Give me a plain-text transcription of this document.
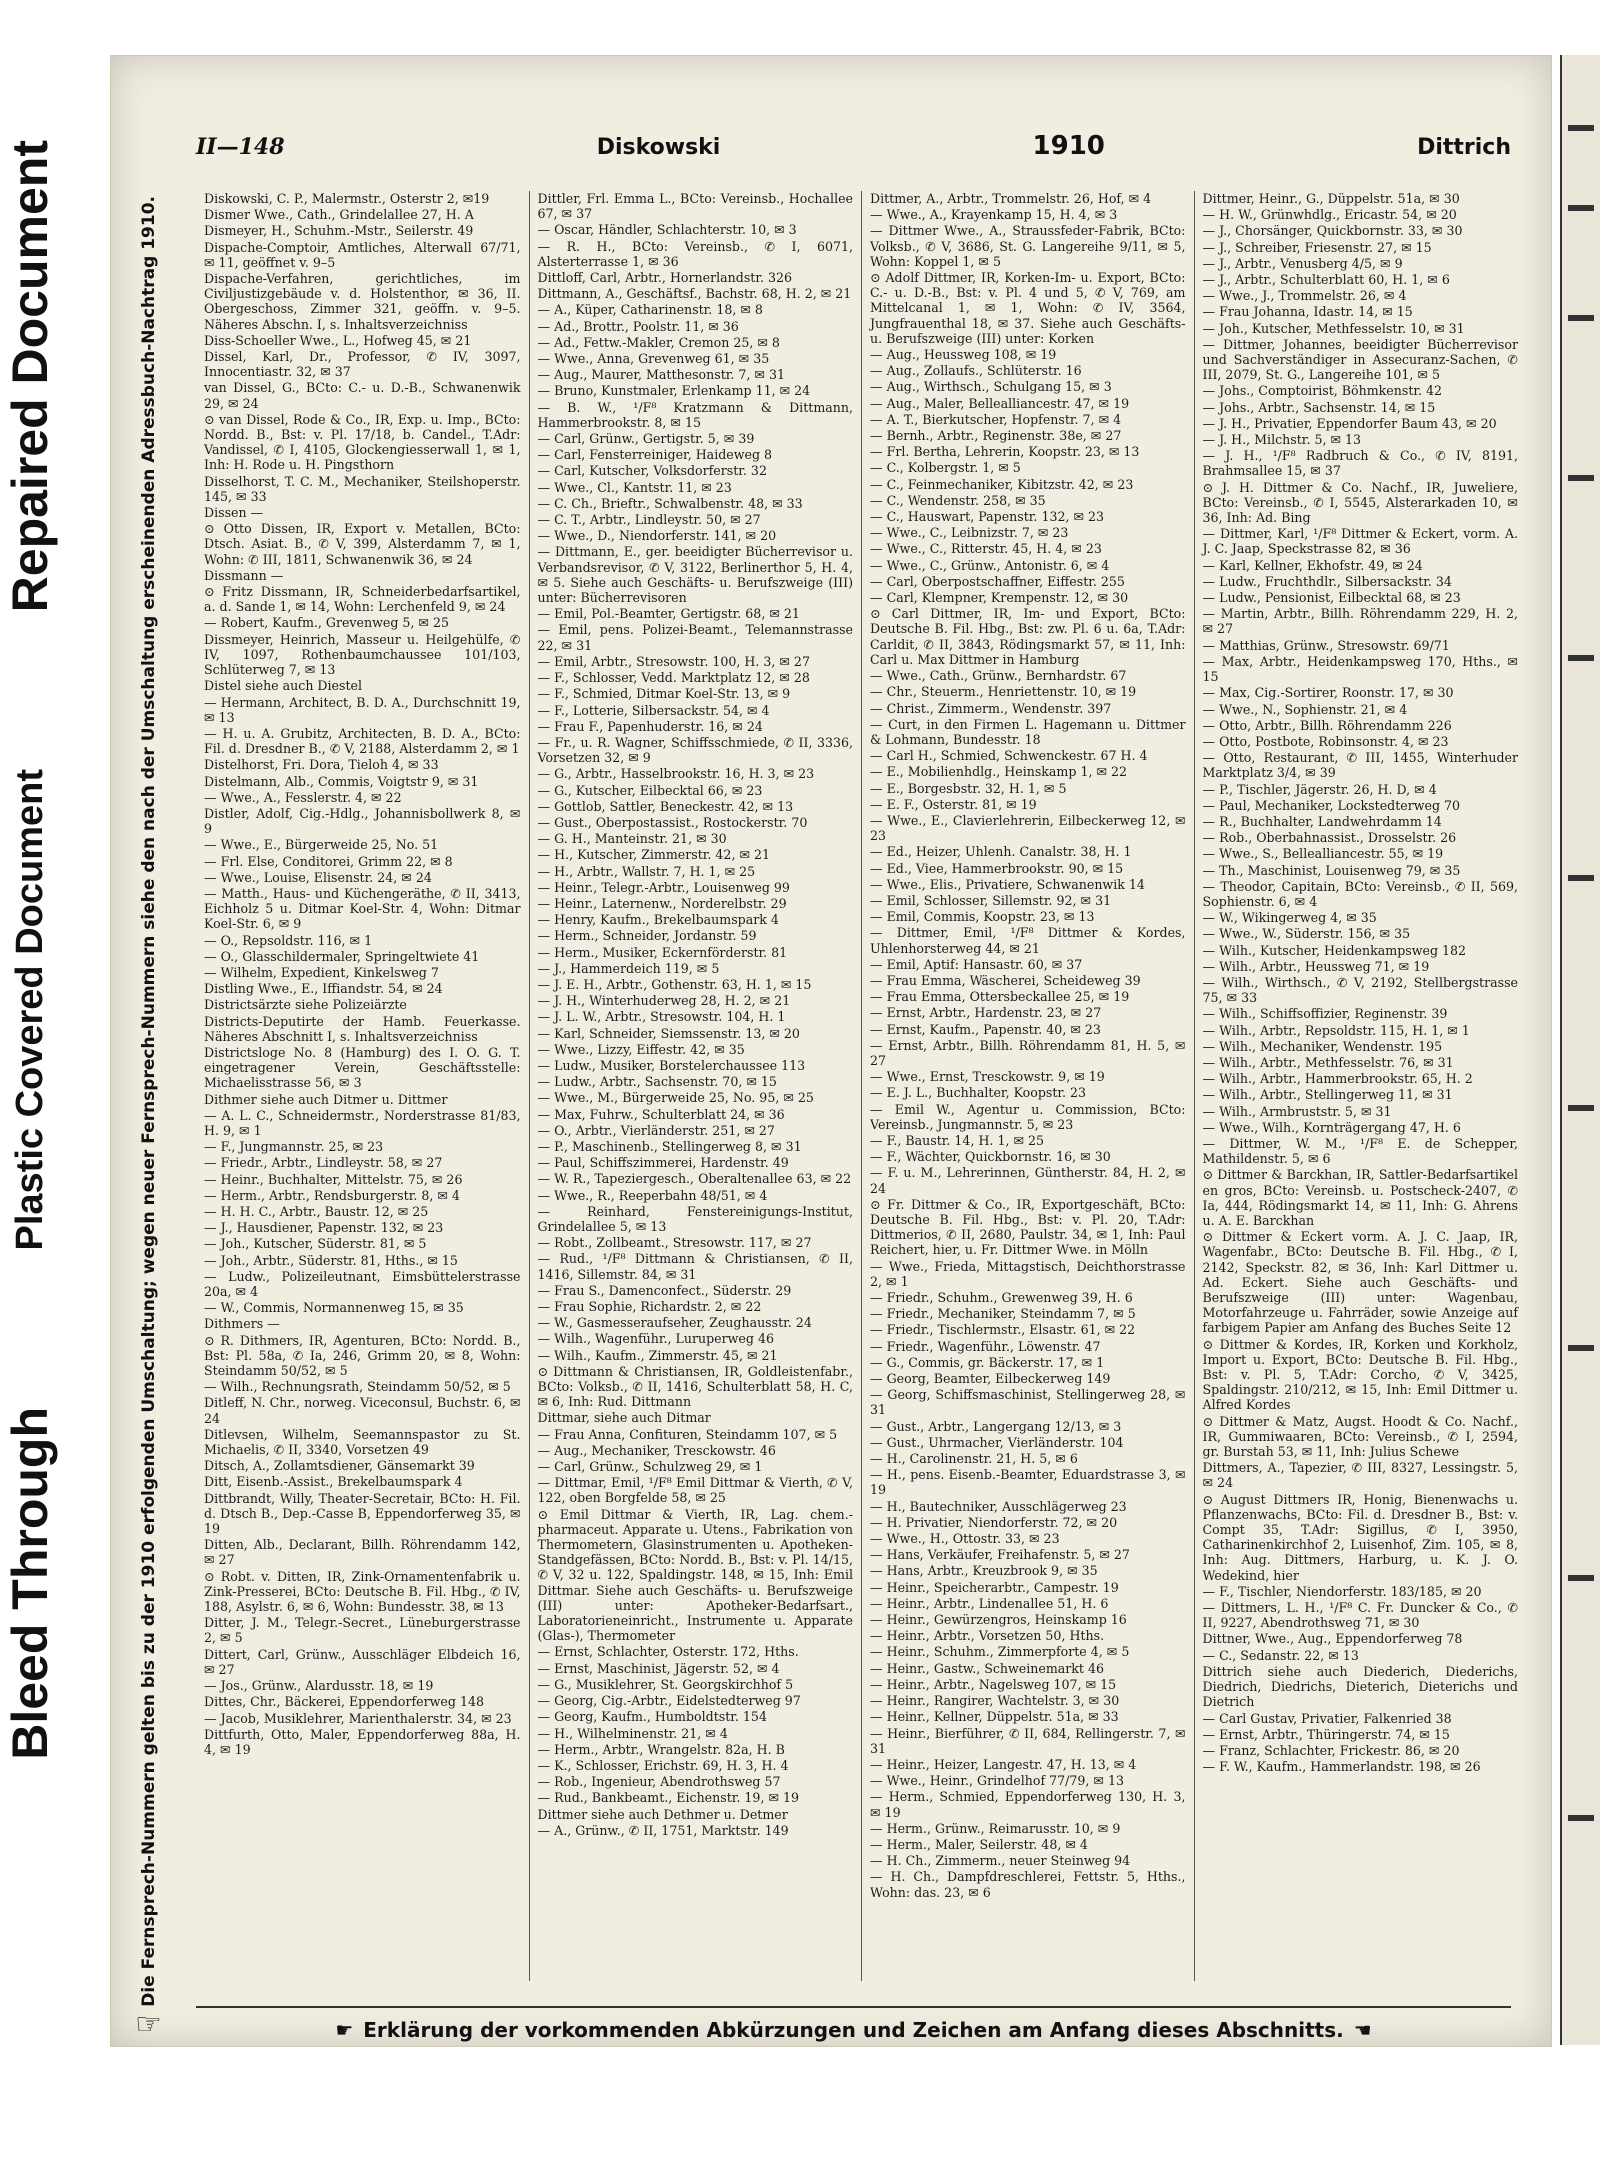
Repaired Document
Plastic Covered Document
Bleed Through
II—148	Diskowski	1910	Dittrich
Die Fernsprech-Nummern gelten bis zu der 1910 erfolgenden Umschaltung; wegen neuer Fernsprech-Nummern siehe den nach der Umschaltung erscheinenden Adressbuch-Nachtrag 1910.
☞
Diskowski, C. P., Malermstr., Osterstr 2, ✉19
Dismer Wwe., Cath., Grindelallee 27, H. A
Dismeyer, H., Schuhm.-Mstr., Seilerstr. 49
Dispache-Comptoir, Amtliches, Alterwall 67/71, ✉ 11, geöffnet v. 9–5
Dispache-Verfahren, gerichtliches, im Civiljustizgebäude v. d. Holstenthor, ✉ 36, II. Obergeschoss, Zimmer 321, geöffn. v. 9–5. Näheres Abschn. I, s. Inhaltsverzeichniss
Diss-Schoeller Wwe., L., Hofweg 45, ✉ 21
Dissel, Karl, Dr., Professor, ✆ IV, 3097, Innocentiastr. 32, ✉ 37
van Dissel, G., BCto: C.- u. D.-B., Schwanenwik 29, ✉ 24
⊙ van Dissel, Rode & Co., IR, Exp. u. Imp., BCto: Nordd. B., Bst: v. Pl. 17/18, b. Candel., T.Adr: Vandissel, ✆ I, 4105, Glockengiesserwall 1, ✉ 1, Inh: H. Rode u. H. Pingsthorn
Disselhorst, T. C. M., Mechaniker, Steilshoperstr. 145, ✉ 33
Dissen —
⊙ Otto Dissen, IR, Export v. Metallen, BCto: Dtsch. Asiat. B., ✆ V, 399, Alsterdamm 7, ✉ 1, Wohn: ✆ III, 1811, Schwanenwik 36, ✉ 24
Dissmann —
⊙ Fritz Dissmann, IR, Schneiderbedarfsartikel, a. d. Sande 1, ✉ 14, Wohn: Lerchenfeld 9, ✉ 24
— Robert, Kaufm., Grevenweg 5, ✉ 25
Dissmeyer, Heinrich, Masseur u. Heilgehülfe, ✆ IV, 1097, Rothenbaumchaussee 101/103, Schlüterweg 7, ✉ 13
Distel siehe auch Diestel
— Hermann, Architect, B. D. A., Durchschnitt 19, ✉ 13
— H. u. A. Grubitz, Architecten, B. D. A., BCto: Fil. d. Dresdner B., ✆ V, 2188, Alsterdamm 2, ✉ 1
Distelhorst, Fri. Dora, Tieloh 4, ✉ 33
Distelmann, Alb., Commis, Voigtstr 9, ✉ 31
— Wwe., A., Fesslerstr. 4, ✉ 22
Distler, Adolf, Cig.-Hdlg., Johannisbollwerk 8, ✉ 9
— Wwe., E., Bürgerweide 25, No. 51
— Frl. Else, Conditorei, Grimm 22, ✉ 8
— Wwe., Louise, Elisenstr. 24, ✉ 24
— Matth., Haus- und Küchengeräthe, ✆ II, 3413, Eichholz 5 u. Ditmar Koel-Str. 4, Wohn: Ditmar Koel-Str. 6, ✉ 9
— O., Repsoldstr. 116, ✉ 1
— O., Glasschildermaler, Springeltwiete 41
— Wilhelm, Expedient, Kinkelsweg 7
Distling Wwe., E., Iffiandstr. 54, ✉ 24
Districtsärzte siehe Polizeiärzte
Districts-Deputirte der Hamb. Feuerkasse. Näheres Abschnitt I, s. Inhaltsverzeichniss
Districtsloge No. 8 (Hamburg) des I. O. G. T. eingetragener Verein, Geschäftsstelle: Michaelisstrasse 56, ✉ 3
Dithmer siehe auch Ditmer u. Dittmer
— A. L. C., Schneidermstr., Norderstrasse 81/83, H. 9, ✉ 1
— F., Jungmannstr. 25, ✉ 23
— Friedr., Arbtr., Lindleystr. 58, ✉ 27
— Heinr., Buchhalter, Mittelstr. 75, ✉ 26
— Herm., Arbtr., Rendsburgerstr. 8, ✉ 4
— H. H. C., Arbtr., Baustr. 12, ✉ 25
— J., Hausdiener, Papenstr. 132, ✉ 23
— Joh., Kutscher, Süderstr. 81, ✉ 5
— Joh., Arbtr., Süderstr. 81, Hths., ✉ 15
— Ludw., Polizeileutnant, Eimsbüttelerstrasse 20a, ✉ 4
— W., Commis, Normannenweg 15, ✉ 35
Dithmers —
⊙ R. Dithmers, IR, Agenturen, BCto: Nordd. B., Bst: Pl. 58a, ✆ Ia, 246, Grimm 20, ✉ 8, Wohn: Steindamm 50/52, ✉ 5
— Wilh., Rechnungsrath, Steindamm 50/52, ✉ 5
Ditleff, N. Chr., norweg. Viceconsul, Buchstr. 6, ✉ 24
Ditlevsen, Wilhelm, Seemannspastor zu St. Michaelis, ✆ II, 3340, Vorsetzen 49
Ditsch, A., Zollamtsdiener, Gänsemarkt 39
Ditt, Eisenb.-Assist., Brekelbaumspark 4
Dittbrandt, Willy, Theater-Secretair, BCto: H. Fil. d. Dtsch B., Dep.-Casse B, Eppendorferweg 35, ✉ 19
Ditten, Alb., Declarant, Billh. Röhrendamm 142, ✉ 27
⊙ Robt. v. Ditten, IR, Zink-Ornamentenfabrik u. Zink-Presserei, BCto: Deutsche B. Fil. Hbg., ✆ IV, 188, Asylstr. 6, ✉ 6, Wohn: Bundesstr. 38, ✉ 13
Ditter, J. M., Telegr.-Secret., Lüneburgerstrasse 2, ✉ 5
Dittert, Carl, Grünw., Ausschläger Elbdeich 16, ✉ 27
— Jos., Grünw., Alardusstr. 18, ✉ 19
Dittes, Chr., Bäckerei, Eppendorferweg 148
— Jacob, Musiklehrer, Marienthalerstr. 34, ✉ 23
Dittfurth, Otto, Maler, Eppendorferweg 88a, H. 4, ✉ 19
Dittler, Frl. Emma L., BCto: Vereinsb., Hochallee 67, ✉ 37
— Oscar, Händler, Schlachterstr. 10, ✉ 3
— R. H., BCto: Vereinsb., ✆ I, 6071, Alsterterrasse 1, ✉ 36
Dittloff, Carl, Arbtr., Hornerlandstr. 326
Dittmann, A., Geschäftsf., Bachstr. 68, H. 2, ✉ 21
— A., Küper, Catharinenstr. 18, ✉ 8
— Ad., Brottr., Poolstr. 11, ✉ 36
— Ad., Fettw.-Makler, Cremon 25, ✉ 8
— Wwe., Anna, Grevenweg 61, ✉ 35
— Aug., Maurer, Matthesonstr. 7, ✉ 31
— Bruno, Kunstmaler, Erlenkamp 11, ✉ 24
— B. W., ¹/F⁸ Kratzmann & Dittmann, Hammerbrookstr. 8, ✉ 15
— Carl, Grünw., Gertigstr. 5, ✉ 39
— Carl, Fensterreiniger, Haideweg 8
— Carl, Kutscher, Volksdorferstr. 32
— Wwe., Cl., Kantstr. 11, ✉ 23
— C. Ch., Brieftr., Schwalbenstr. 48, ✉ 33
— C. T., Arbtr., Lindleystr. 50, ✉ 27
— Wwe., D., Niendorferstr. 141, ✉ 20
— Dittmann, E., ger. beeidigter Bücherrevisor u. Verbandsrevisor, ✆ V, 3122, Berlinerthor 5, H. 4, ✉ 5. Siehe auch Geschäfts- u. Berufszweige (III) unter: Bücherrevisoren
— Emil, Pol.-Beamter, Gertigstr. 68, ✉ 21
— Emil, pens. Polizei-Beamt., Telemannstrasse 22, ✉ 31
— Emil, Arbtr., Stresowstr. 100, H. 3, ✉ 27
— F., Schlosser, Vedd. Marktplatz 12, ✉ 28
— F., Schmied, Ditmar Koel-Str. 13, ✉ 9
— F., Lotterie, Silbersackstr. 54, ✉ 4
— Frau F., Papenhuderstr. 16, ✉ 24
— Fr., u. R. Wagner, Schiffsschmiede, ✆ II, 3336, Vorsetzen 32, ✉ 9
— G., Arbtr., Hasselbrookstr. 16, H. 3, ✉ 23
— G., Kutscher, Eilbecktal 66, ✉ 23
— Gottlob, Sattler, Beneckestr. 42, ✉ 13
— Gust., Oberpostassist., Rostockerstr. 70
— G. H., Manteinstr. 21, ✉ 30
— H., Kutscher, Zimmerstr. 42, ✉ 21
— H., Arbtr., Wallstr. 7, H. 1, ✉ 25
— Heinr., Telegr.-Arbtr., Louisenweg 99
— Heinr., Laternenw., Norderelbstr. 29
— Henry, Kaufm., Brekelbaumspark 4
— Herm., Schneider, Jordanstr. 59
— Herm., Musiker, Eckernförderstr. 81
— J., Hammerdeich 119, ✉ 5
— J. E. H., Arbtr., Gothenstr. 63, H. 1, ✉ 15
— J. H., Winterhuderweg 28, H. 2, ✉ 21
— J. L. W., Arbtr., Stresowstr. 104, H. 1
— Karl, Schneider, Siemssenstr. 13, ✉ 20
— Wwe., Lizzy, Eiffestr. 42, ✉ 35
— Ludw., Musiker, Borstelerchaussee 113
— Ludw., Arbtr., Sachsenstr. 70, ✉ 15
— Wwe., M., Bürgerweide 25, No. 95, ✉ 25
— Max, Fuhrw., Schulterblatt 24, ✉ 36
— O., Arbtr., Vierländerstr. 251, ✉ 27
— P., Maschinenb., Stellingerweg 8, ✉ 31
— Paul, Schiffszimmerei, Hardenstr. 49
— W. R., Tapeziergesch., Oberaltenallee 63, ✉ 22
— Wwe., R., Reeperbahn 48/51, ✉ 4
— Reinhard, Fenstereinigungs-Institut, Grindelallee 5, ✉ 13
— Robt., Zollbeamt., Stresowstr. 117, ✉ 27
— Rud., ¹/F⁸ Dittmann & Christiansen, ✆ II, 1416, Sillemstr. 84, ✉ 31
— Frau S., Damenconfect., Süderstr. 29
— Frau Sophie, Richardstr. 2, ✉ 22
— W., Gasmesseraufseher, Zeughausstr. 24
— Wilh., Wagenführ., Luruperweg 46
— Wilh., Kaufm., Zimmerstr. 45, ✉ 21
⊙ Dittmann & Christiansen, IR, Goldleistenfabr., BCto: Volksb., ✆ II, 1416, Schulterblatt 58, H. C, ✉ 6, Inh: Rud. Dittmann
Dittmar, siehe auch Ditmar
— Frau Anna, Confituren, Steindamm 107, ✉ 5
— Aug., Mechaniker, Tresckowstr. 46
— Carl, Grünw., Schulzweg 29, ✉ 1
— Dittmar, Emil, ¹/F⁸ Emil Dittmar & Vierth, ✆ V, 122, oben Borgfelde 58, ✉ 25
⊙ Emil Dittmar & Vierth, IR, Lag. chem.-pharmaceut. Apparate u. Utens., Fabrikation von Thermometern, Glasinstrumenten u. Apotheken-Standgefässen, BCto: Nordd. B., Bst: v. Pl. 14/15, ✆ V, 32 u. 122, Spaldingstr. 148, ✉ 15, Inh: Emil Dittmar. Siehe auch Geschäfts- u. Berufszweige (III) unter: Apotheker-Bedarfsart., Laboratorieneinricht., Instrumente u. Apparate (Glas-), Thermometer
— Ernst, Schlachter, Osterstr. 172, Hths.
— Ernst, Maschinist, Jägerstr. 52, ✉ 4
— G., Musiklehrer, St. Georgskirchhof 5
— Georg, Cig.-Arbtr., Eidelstedterweg 97
— Georg, Kaufm., Humboldtstr. 154
— H., Wilhelminenstr. 21, ✉ 4
— Herm., Arbtr., Wrangelstr. 82a, H. B
— K., Schlosser, Erichstr. 69, H. 3, H. 4
— Rob., Ingenieur, Abendrothsweg 57
— Rud., Bankbeamt., Eichenstr. 19, ✉ 19
Dittmer siehe auch Dethmer u. Detmer
— A., Grünw., ✆ II, 1751, Marktstr. 149
Dittmer, A., Arbtr., Trommelstr. 26, Hof, ✉ 4
— Wwe., A., Krayenkamp 15, H. 4, ✉ 3
— Dittmer Wwe., A., Straussfeder-Fabrik, BCto: Volksb., ✆ V, 3686, St. G. Langereihe 9/11, ✉ 5, Wohn: Koppel 1, ✉ 5
⊙ Adolf Dittmer, IR, Korken-Im- u. Export, BCto: C.- u. D.-B., Bst: v. Pl. 4 und 5, ✆ V, 769, am Mittelcanal 1, ✉ 1, Wohn: ✆ IV, 3564, Jungfrauenthal 18, ✉ 37. Siehe auch Geschäfts- u. Berufszweige (III) unter: Korken
— Aug., Heussweg 108, ✉ 19
— Aug., Zollaufs., Schlüterstr. 16
— Aug., Wirthsch., Schulgang 15, ✉ 3
— Aug., Maler, Bellealliancestr. 47, ✉ 19
— A. T., Bierkutscher, Hopfenstr. 7, ✉ 4
— Bernh., Arbtr., Reginenstr. 38e, ✉ 27
— Frl. Bertha, Lehrerin, Koopstr. 23, ✉ 13
— C., Kolbergstr. 1, ✉ 5
— C., Feinmechaniker, Kibitzstr. 42, ✉ 23
— C., Wendenstr. 258, ✉ 35
— C., Hauswart, Papenstr. 132, ✉ 23
— Wwe., C., Leibnizstr. 7, ✉ 23
— Wwe., C., Ritterstr. 45, H. 4, ✉ 23
— Wwe., C., Grünw., Antonistr. 6, ✉ 4
— Carl, Oberpostschaffner, Eiffestr. 255
— Carl, Klempner, Krempenstr. 12, ✉ 30
⊙ Carl Dittmer, IR, Im- und Export, BCto: Deutsche B. Fil. Hbg., Bst: zw. Pl. 6 u. 6a, T.Adr: Carldit, ✆ II, 3843, Rödingsmarkt 57, ✉ 11, Inh: Carl u. Max Dittmer in Hamburg
— Wwe., Cath., Grünw., Bernhardstr. 67
— Chr., Steuerm., Henriettenstr. 10, ✉ 19
— Christ., Zimmerm., Wendenstr. 397
— Curt, in den Firmen L. Hagemann u. Dittmer & Lohmann, Bundesstr. 18
— Carl H., Schmied, Schwenckestr. 67 H. 4
— E., Mobilienhdlg., Heinskamp 1, ✉ 22
— E., Borgesbstr. 32, H. 1, ✉ 5
— E. F., Osterstr. 81, ✉ 19
— Wwe., E., Clavierlehrerin, Eilbeckerweg 12, ✉ 23
— Ed., Heizer, Uhlenh. Canalstr. 38, H. 1
— Ed., Viee, Hammerbrookstr. 90, ✉ 15
— Wwe., Elis., Privatiere, Schwanenwik 14
— Emil, Schlosser, Sillemstr. 92, ✉ 31
— Emil, Commis, Koopstr. 23, ✉ 13
— Dittmer, Emil, ¹/F⁸ Dittmer & Kordes, Uhlenhorsterweg 44, ✉ 21
— Emil, Aptif: Hansastr. 60, ✉ 37
— Frau Emma, Wäscherei, Scheideweg 39
— Frau Emma, Ottersbeckallee 25, ✉ 19
— Ernst, Arbtr., Hardenstr. 23, ✉ 27
— Ernst, Kaufm., Papenstr. 40, ✉ 23
— Ernst, Arbtr., Billh. Röhrendamm 81, H. 5, ✉ 27
— Wwe., Ernst, Tresckowstr. 9, ✉ 19
— E. J. L., Buchhalter, Koopstr. 23
— Emil W., Agentur u. Commission, BCto: Vereinsb., Jungmannstr. 5, ✉ 23
— F., Baustr. 14, H. 1, ✉ 25
— F., Wächter, Quickbornstr. 16, ✉ 30
— F. u. M., Lehrerinnen, Güntherstr. 84, H. 2, ✉ 24
⊙ Fr. Dittmer & Co., IR, Exportgeschäft, BCto: Deutsche B. Fil. Hbg., Bst: v. Pl. 20, T.Adr: Dittmerios, ✆ II, 2680, Paulstr. 34, ✉ 1, Inh: Paul Reichert, hier, u. Fr. Dittmer Wwe. in Mölln
— Wwe., Frieda, Mittagstisch, Deichthorstrasse 2, ✉ 1
— Friedr., Schuhm., Grewenweg 39, H. 6
— Friedr., Mechaniker, Steindamm 7, ✉ 5
— Friedr., Tischlermstr., Elsastr. 61, ✉ 22
— Friedr., Wagenführ., Löwenstr. 47
— G., Commis, gr. Bäckerstr. 17, ✉ 1
— Georg, Beamter, Eilbeckerweg 149
— Georg, Schiffsmaschinist, Stellingerweg 28, ✉ 31
— Gust., Arbtr., Langergang 12/13, ✉ 3
— Gust., Uhrmacher, Vierländerstr. 104
— H., Carolinenstr. 21, H. 5, ✉ 6
— H., pens. Eisenb.-Beamter, Eduardstrasse 3, ✉ 19
— H., Bautechniker, Ausschlägerweg 23
— H. Privatier, Niendorferstr. 72, ✉ 20
— Wwe., H., Ottostr. 33, ✉ 23
— Hans, Verkäufer, Freihafenstr. 5, ✉ 27
— Hans, Arbtr., Kreuzbrook 9, ✉ 35
— Heinr., Speicherarbtr., Campestr. 19
— Heinr., Arbtr., Lindenallee 51, H. 6
— Heinr., Gewürzengros, Heinskamp 16
— Heinr., Arbtr., Vorsetzen 50, Hths.
— Heinr., Schuhm., Zimmerpforte 4, ✉ 5
— Heinr., Gastw., Schweinemarkt 46
— Heinr., Arbtr., Nagelsweg 107, ✉ 15
— Heinr., Rangirer, Wachtelstr. 3, ✉ 30
— Heinr., Kellner, Düppelstr. 51a, ✉ 33
— Heinr., Bierführer, ✆ II, 684, Rellingerstr. 7, ✉ 31
— Heinr., Heizer, Langestr. 47, H. 13, ✉ 4
— Wwe., Heinr., Grindelhof 77/79, ✉ 13
— Herm., Schmied, Eppendorferweg 130, H. 3, ✉ 19
— Herm., Grünw., Reimarusstr. 10, ✉ 9
— Herm., Maler, Seilerstr. 48, ✉ 4
— H. Ch., Zimmerm., neuer Steinweg 94
— H. Ch., Dampfdreschlerei, Fettstr. 5, Hths., Wohn: das. 23, ✉ 6
Dittmer, Heinr., G., Düppelstr. 51a, ✉ 30
— H. W., Grünwhdlg., Ericastr. 54, ✉ 20
— J., Chorsänger, Quickbornstr. 33, ✉ 30
— J., Schreiber, Friesenstr. 27, ✉ 15
— J., Arbtr., Venusberg 4/5, ✉ 9
— J., Arbtr., Schulterblatt 60, H. 1, ✉ 6
— Wwe., J., Trommelstr. 26, ✉ 4
— Frau Johanna, Idastr. 14, ✉ 15
— Joh., Kutscher, Methfesselstr. 10, ✉ 31
— Dittmer, Johannes, beeidigter Bücherrevisor und Sachverständiger in Assecuranz-Sachen, ✆ III, 2079, St. G., Langereihe 101, ✉ 5
— Johs., Comptoirist, Böhmkenstr. 42
— Johs., Arbtr., Sachsenstr. 14, ✉ 15
— J. H., Privatier, Eppendorfer Baum 43, ✉ 20
— J. H., Milchstr. 5, ✉ 13
— J. H., ¹/F⁸ Radbruch & Co., ✆ IV, 8191, Brahmsallee 15, ✉ 37
⊙ J. H. Dittmer & Co. Nachf., IR, Juweliere, BCto: Vereinsb., ✆ I, 5545, Alsterarkaden 10, ✉ 36, Inh: Ad. Bing
— Dittmer, Karl, ¹/F⁸ Dittmer & Eckert, vorm. A. J. C. Jaap, Speckstrasse 82, ✉ 36
— Karl, Kellner, Ekhofstr. 49, ✉ 24
— Ludw., Fruchthdlr., Silbersackstr. 34
— Ludw., Pensionist, Eilbecktal 68, ✉ 23
— Martin, Arbtr., Billh. Röhrendamm 229, H. 2, ✉ 27
— Matthias, Grünw., Stresowstr. 69/71
— Max, Arbtr., Heidenkampsweg 170, Hths., ✉ 15
— Max, Cig.-Sortirer, Roonstr. 17, ✉ 30
— Wwe., N., Sophienstr. 21, ✉ 4
— Otto, Arbtr., Billh. Röhrendamm 226
— Otto, Postbote, Robinsonstr. 4, ✉ 23
— Otto, Restaurant, ✆ III, 1455, Winterhuder Marktplatz 3/4, ✉ 39
— P., Tischler, Jägerstr. 26, H. D, ✉ 4
— Paul, Mechaniker, Lockstedterweg 70
— R., Buchhalter, Landwehrdamm 14
— Rob., Oberbahnassist., Drosselstr. 26
— Wwe., S., Bellealliancestr. 55, ✉ 19
— Th., Maschinist, Louisenweg 79, ✉ 35
— Theodor, Capitain, BCto: Vereinsb., ✆ II, 569, Sophienstr. 6, ✉ 4
— W., Wikingerweg 4, ✉ 35
— Wwe., W., Süderstr. 156, ✉ 35
— Wilh., Kutscher, Heidenkampsweg 182
— Wilh., Arbtr., Heussweg 71, ✉ 19
— Wilh., Wirthsch., ✆ V, 2192, Stellbergstrasse 75, ✉ 33
— Wilh., Schiffsoffizier, Reginenstr. 39
— Wilh., Arbtr., Repsoldstr. 115, H. 1, ✉ 1
— Wilh., Mechaniker, Wendenstr. 195
— Wilh., Arbtr., Methfesselstr. 76, ✉ 31
— Wilh., Arbtr., Hammerbrookstr. 65, H. 2
— Wilh., Arbtr., Stellingerweg 11, ✉ 31
— Wilh., Armbruststr. 5, ✉ 31
— Wwe., Wilh., Kornträgergang 47, H. 6
— Dittmer, W. M., ¹/F⁸ E. de Schepper, Mathildenstr. 5, ✉ 6
⊙ Dittmer & Barckhan, IR, Sattler-Bedarfsartikel en gros, BCto: Vereinsb. u. Postscheck-2407, ✆ Ia, 444, Rödingsmarkt 14, ✉ 11, Inh: G. Ahrens u. A. E. Barckhan
⊙ Dittmer & Eckert vorm. A. J. C. Jaap, IR, Wagenfabr., BCto: Deutsche B. Fil. Hbg., ✆ I, 2142, Speckstr. 82, ✉ 36, Inh: Karl Dittmer u. Ad. Eckert. Siehe auch Geschäfts- und Berufszweige (III) unter: Wagenbau, Motorfahrzeuge u. Fahrräder, sowie Anzeige auf farbigem Papier am Anfang des Buches Seite 12
⊙ Dittmer & Kordes, IR, Korken und Korkholz, Import u. Export, BCto: Deutsche B. Fil. Hbg., Bst: v. Pl. 5, T.Adr: Corcho, ✆ V, 3425, Spaldingstr. 210/212, ✉ 15, Inh: Emil Dittmer u. Alfred Kordes
⊙ Dittmer & Matz, Augst. Hoodt & Co. Nachf., IR, Gummiwaaren, BCto: Vereinsb., ✆ I, 2594, gr. Burstah 53, ✉ 11, Inh: Julius Schewe
Dittmers, A., Tapezier, ✆ III, 8327, Lessingstr. 5, ✉ 24
⊙ August Dittmers IR, Honig, Bienenwachs u. Pflanzenwachs, BCto: Fil. d. Dresdner B., Bst: v. Compt 35, T.Adr: Sigillus, ✆ I, 3950, Catharinenkirchhof 2, Luisenhof, Zim. 105, ✉ 8, Inh: Aug. Dittmers, Harburg, u. K. J. O. Wedekind, hier
— F., Tischler, Niendorferstr. 183/185, ✉ 20
— Dittmers, L. H., ¹/F⁸ C. Fr. Duncker & Co., ✆ II, 9227, Abendrothsweg 71, ✉ 30
Dittner, Wwe., Aug., Eppendorferweg 78
— C., Sedanstr. 22, ✉ 13
Dittrich siehe auch Diederich, Diederichs, Diedrich, Diedrichs, Dieterich, Dieterichs und Dietrich
— Carl Gustav, Privatier, Falkenried 38
— Ernst, Arbtr., Thüringerstr. 74, ✉ 15
— Franz, Schlachter, Frickestr. 86, ✉ 20
— F. W., Kaufm., Hammerlandstr. 198, ✉ 26
☛ Erklärung der vorkommenden Abkürzungen und Zeichen am Anfang dieses Abschnitts. ☚
